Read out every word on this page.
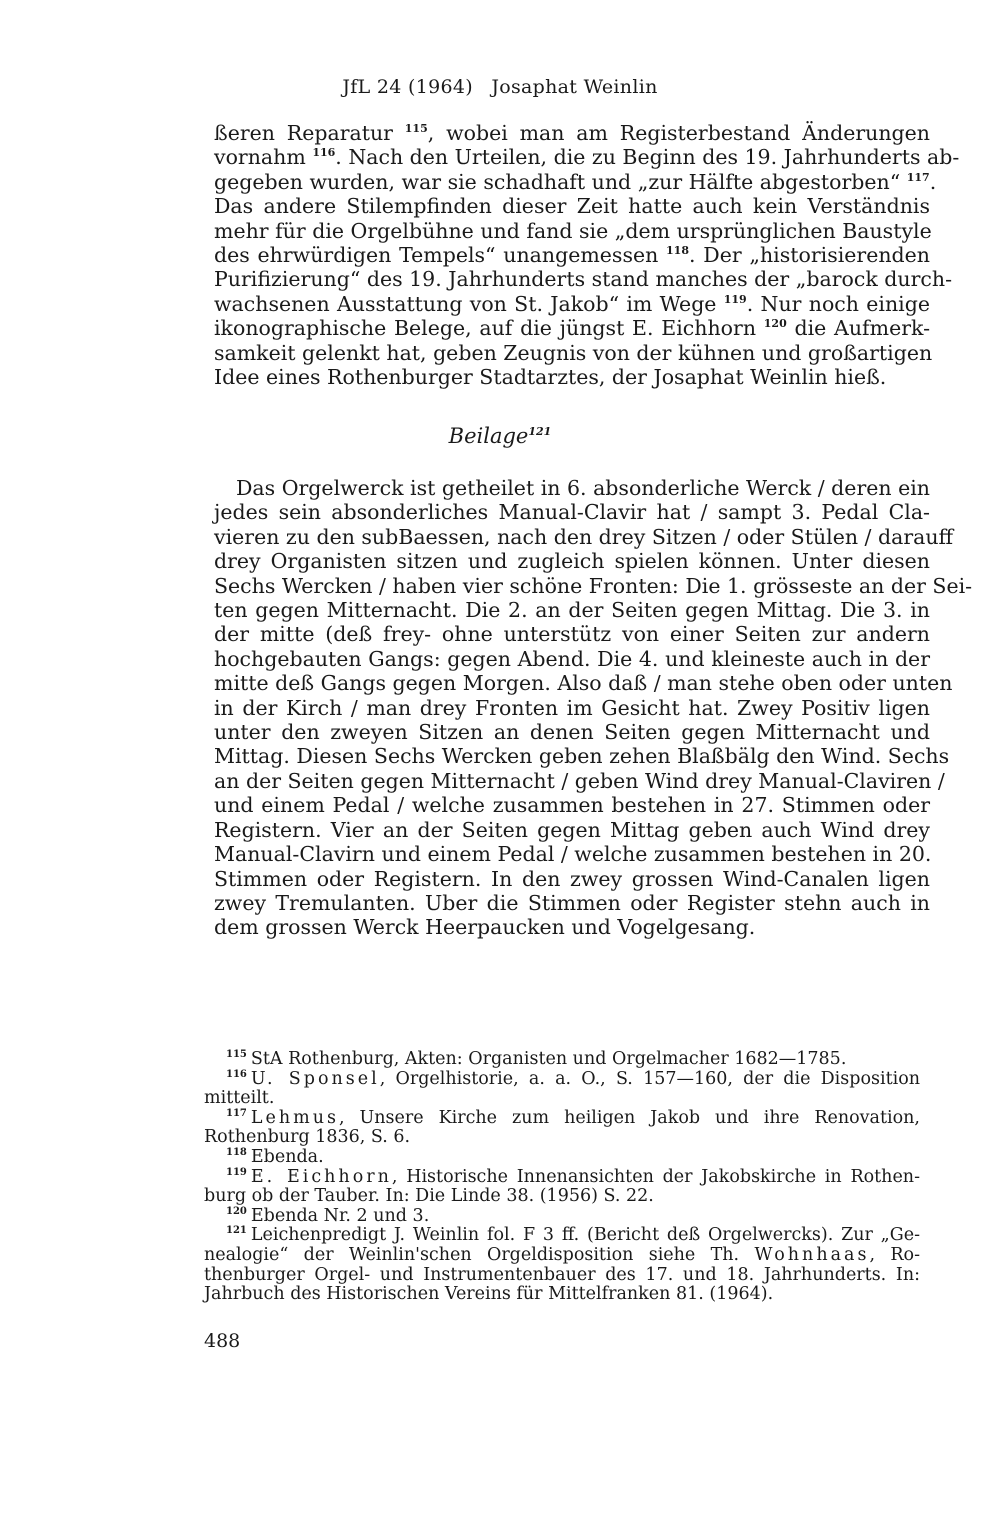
JfL 24 (1964) Josaphat Weinlin
ßeren Reparatur $^{115}$, wobei man am Registerbestand Änderungen
vornahm $^{116}$. Nach den Urteilen, die zu Beginn des 19. Jahrhunderts ab-
gegeben wurden, war sie schadhaft und „zur Hälfte abgestorben“ $^{117}$.
Das andere Stilempfinden dieser Zeit hatte auch kein Verständnis
mehr für die Orgelbühne und fand sie „dem ursprünglichen Baustyle
des ehrwürdigen Tempels“ unangemessen $^{118}$. Der „historisierenden
Purifizierung“ des 19. Jahrhunderts stand manches der „barock durch-
wachsenen Ausstattung von St. Jakob“ im Wege $^{119}$. Nur noch einige
ikonographische Belege, auf die jüngst E. Eichhorn $^{120}$ die Aufmerk-
samkeit gelenkt hat, geben Zeugnis von der kühnen und großartigen
Idee eines Rothenburger Stadtarztes, der Josaphat Weinlin hieß.
Beilage$^{121}$
Das Orgelwerck ist getheilet in 6. absonderliche Werck / deren ein
jedes sein absonderliches Manual-Clavir hat / sampt 3. Pedal Cla-
vieren zu den subBaessen, nach den drey Sitzen / oder Stülen / darauff
drey Organisten sitzen und zugleich spielen können. Unter diesen
Sechs Wercken / haben vier schöne Fronten: Die 1. grösseste an der Sei-
ten gegen Mitternacht. Die 2. an der Seiten gegen Mittag. Die 3. in
der mitte (deß frey- ohne unterstütz von einer Seiten zur andern
hochgebauten Gangs: gegen Abend. Die 4. und kleineste auch in der
mitte deß Gangs gegen Morgen. Also daß / man stehe oben oder unten
in der Kirch / man drey Fronten im Gesicht hat. Zwey Positiv ligen
unter den zweyen Sitzen an denen Seiten gegen Mitternacht und
Mittag. Diesen Sechs Wercken geben zehen Blaßbälg den Wind. Sechs
an der Seiten gegen Mitternacht / geben Wind drey Manual-Claviren /
und einem Pedal / welche zusammen bestehen in 27. Stimmen oder
Registern. Vier an der Seiten gegen Mittag geben auch Wind drey
Manual-Clavirn und einem Pedal / welche zusammen bestehen in 20.
Stimmen oder Registern. In den zwey grossen Wind-Canalen ligen
zwey Tremulanten. Uber die Stimmen oder Register stehn auch in
dem grossen Werck Heerpaucken und Vogelgesang.
$^{115}$ StA Rothenburg, Akten: Organisten und Orgelmacher 1682—1785.
$^{116}$ U. Sponsel, Orgelhistorie, a. a. O., S. 157—160, der die Disposition
mitteilt.
$^{117}$ Lehmus, Unsere Kirche zum heiligen Jakob und ihre Renovation,
Rothenburg 1836, S. 6.
$^{118}$ Ebenda.
$^{119}$ E. Eichhorn, Historische Innenansichten der Jakobskirche in Rothen-
burg ob der Tauber. In: Die Linde 38. (1956) S. 22.
$^{120}$ Ebenda Nr. 2 und 3.
$^{121}$ Leichenpredigt J. Weinlin fol. F 3 ff. (Bericht deß Orgelwercks). Zur „Ge-
nealogie“ der Weinlin'schen Orgeldisposition siehe Th. Wohnhaas, Ro-
thenburger Orgel- und Instrumentenbauer des 17. und 18. Jahrhunderts. In:
Jahrbuch des Historischen Vereins für Mittelfranken 81. (1964).
488
